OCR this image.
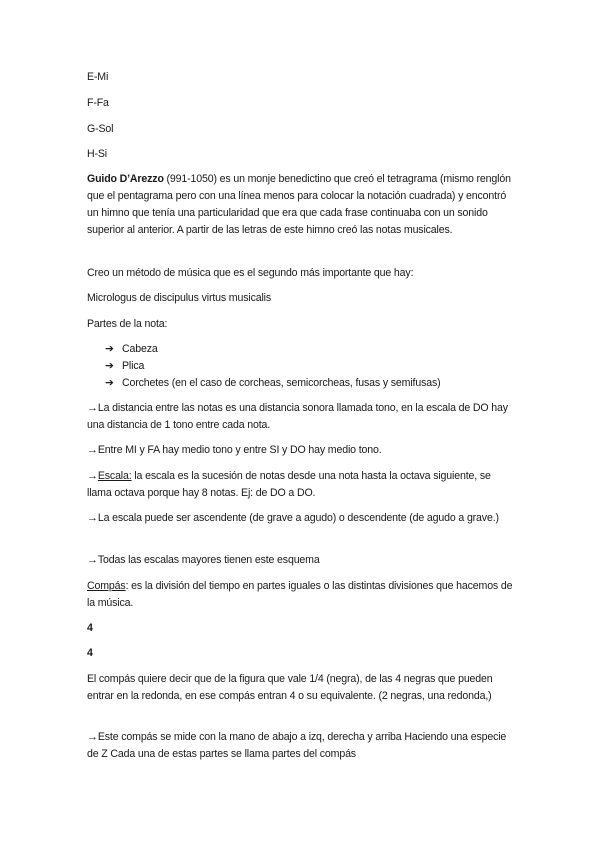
E-Mi

F-Fa

G-Sol

H-Si

Guido D’Arezzo (991-1050) es un monje benedictino que creó el tetragrama (mismo renglón que el pentagrama pero con una línea menos para colocar la notación cuadrada) y encontró un himno que tenía una particularidad que era que cada frase continuaba con un sonido superior al anterior. A partir de las letras de este himno creó las notas musicales.

Creo un método de música que es el segundo más importante que hay:

Micrologus de discipulus virtus musicalis

Partes de la nota:

➔ Cabeza
➔ Plica
➔ Corchetes (en el caso de corcheas, semicorcheas, fusas y semifusas)

→La distancia entre las notas es una distancia sonora llamada tono, en la escala de DO hay una distancia de 1 tono entre cada nota.

→Entre MI y FA hay medio tono y entre SI y DO hay medio tono.

→Escala: la escala es la sucesión de notas desde una nota hasta la octava siguiente, se llama octava porque hay 8 notas. Ej: de DO a DO.

→La escala puede ser ascendente (de grave a agudo) o descendente (de agudo a grave.)

→Todas las escalas mayores tienen este esquema

Compás: es la división del tiempo en partes iguales o las distintas divisiones que hacemos de la música.

4

4

El compás quiere decir que de la figura que vale 1/4 (negra), de las 4 negras que pueden entrar en la redonda, en ese compás entran 4 o su equivalente. (2 negras, una redonda,)

→Este compás se mide con la mano de abajo a izq, derecha y arriba Haciendo una especie de Z Cada una de estas partes se llama partes del compás
